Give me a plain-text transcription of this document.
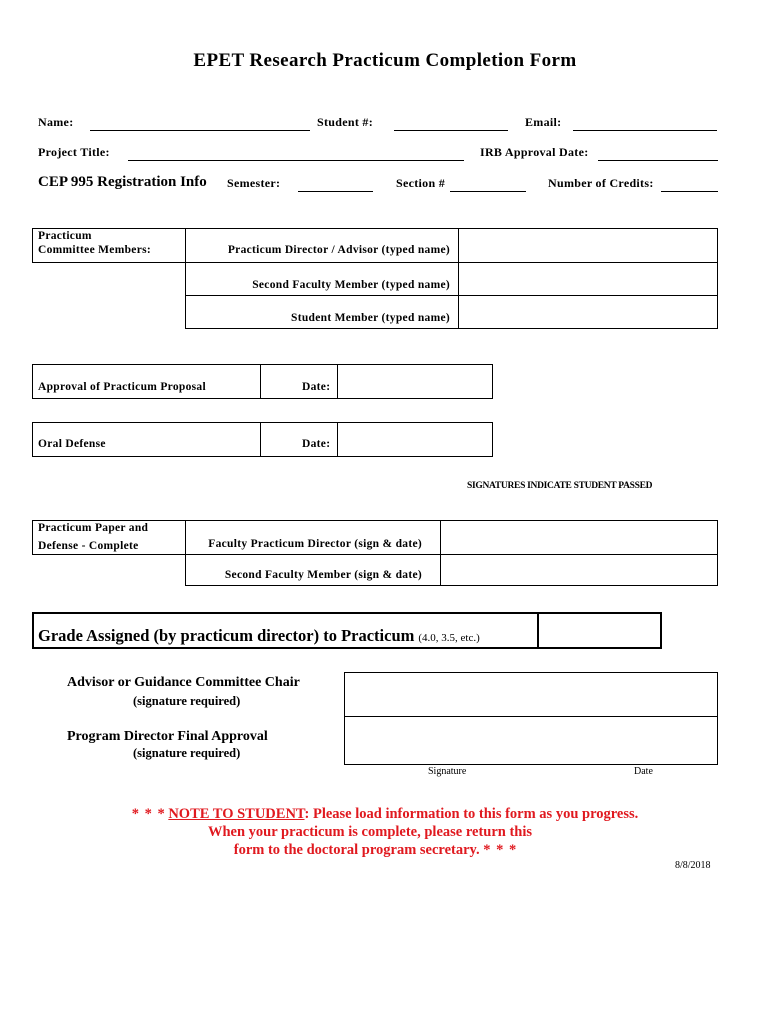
EPET Research Practicum Completion Form
Name:	Student #:	Email:
Project Title:	IRB Approval Date:
CEP 995 Registration Info Semester:	Section #	Number of Credits:
Practicum
Committee Members:	Practicum Director / Advisor (typed name)
Second Faculty Member (typed name)
Student Member (typed name)
Approval of Practicum Proposal	Date:
Oral Defense	Date:
SIGNATURES INDICATE STUDENT PASSED
Practicum Paper and
Defense - Complete	Faculty Practicum Director (sign & date)
Second Faculty Member (sign & date)
Grade Assigned (by practicum director) to Practicum (4.0, 3.5, etc.)
Advisor or Guidance Committee Chair
(signature required)
Program Director Final Approval
(signature required)
Signature	Date
* * * NOTE TO STUDENT: Please load information to this form as you progress.
When your practicum is complete, please return this
form to the doctoral program secretary. * * *
8/8/2018
